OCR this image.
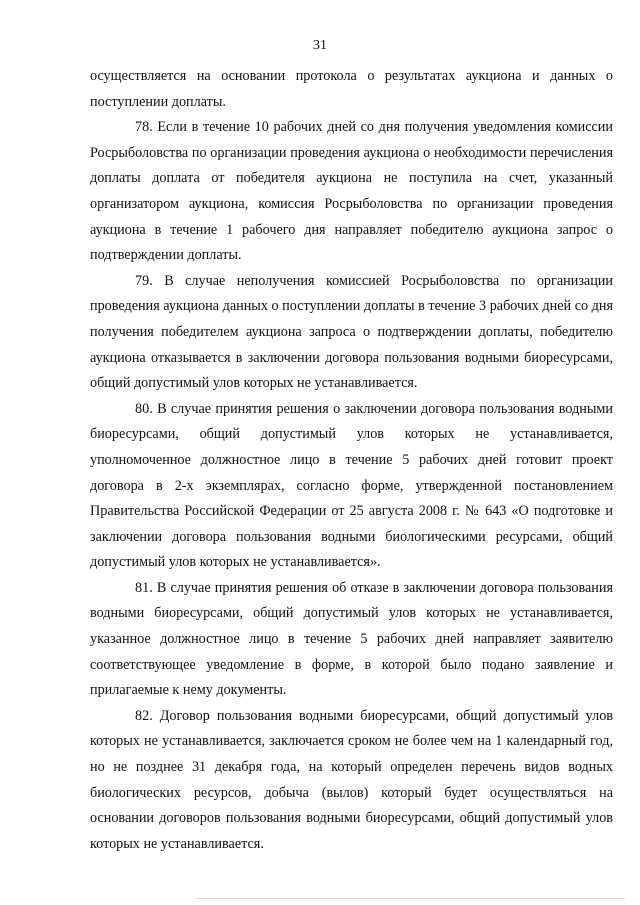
31

осуществляется на основании протокола о результатах аукциона и данных о поступлении доплаты.

78. Если в течение 10 рабочих дней со дня получения уведомления комиссии Росрыболовства по организации проведения аукциона о необходимости перечисления доплаты доплата от победителя аукциона не поступила на счет, указанный организатором аукциона, комиссия Росрыболовства по организации проведения аукциона в течение 1 рабочего дня направляет победителю аукциона запрос о подтверждении доплаты.

79. В случае неполучения комиссией Росрыболовства по организации проведения аукциона данных о поступлении доплаты в течение 3 рабочих дней со дня получения победителем аукциона запроса о подтверждении доплаты, победителю аукциона отказывается в заключении договора пользования водными биоресурсами, общий допустимый улов которых не устанавливается.

80. В случае принятия решения о заключении договора пользования водными биоресурсами, общий допустимый улов которых не устанавливается, уполномоченное должностное лицо в течение 5 рабочих дней готовит проект договора в 2-х экземплярах, согласно форме, утвержденной постановлением Правительства Российской Федерации от 25 августа 2008 г. № 643 «О подготовке и заключении договора пользования водными биологическими ресурсами, общий допустимый улов которых не устанавливается».

81. В случае принятия решения об отказе в заключении договора пользования водными биоресурсами, общий допустимый улов которых не устанавливается, указанное должностное лицо в течение 5 рабочих дней направляет заявителю соответствующее уведомление в форме, в которой было подано заявление и прилагаемые к нему документы.

82. Договор пользования водными биоресурсами, общий допустимый улов которых не устанавливается, заключается сроком не более чем на 1 календарный год, но не позднее 31 декабря года, на который определен перечень видов водных биологических ресурсов, добыча (вылов) который будет осуществляться на основании договоров пользования водными биоресурсами, общий допустимый улов которых не устанавливается.
